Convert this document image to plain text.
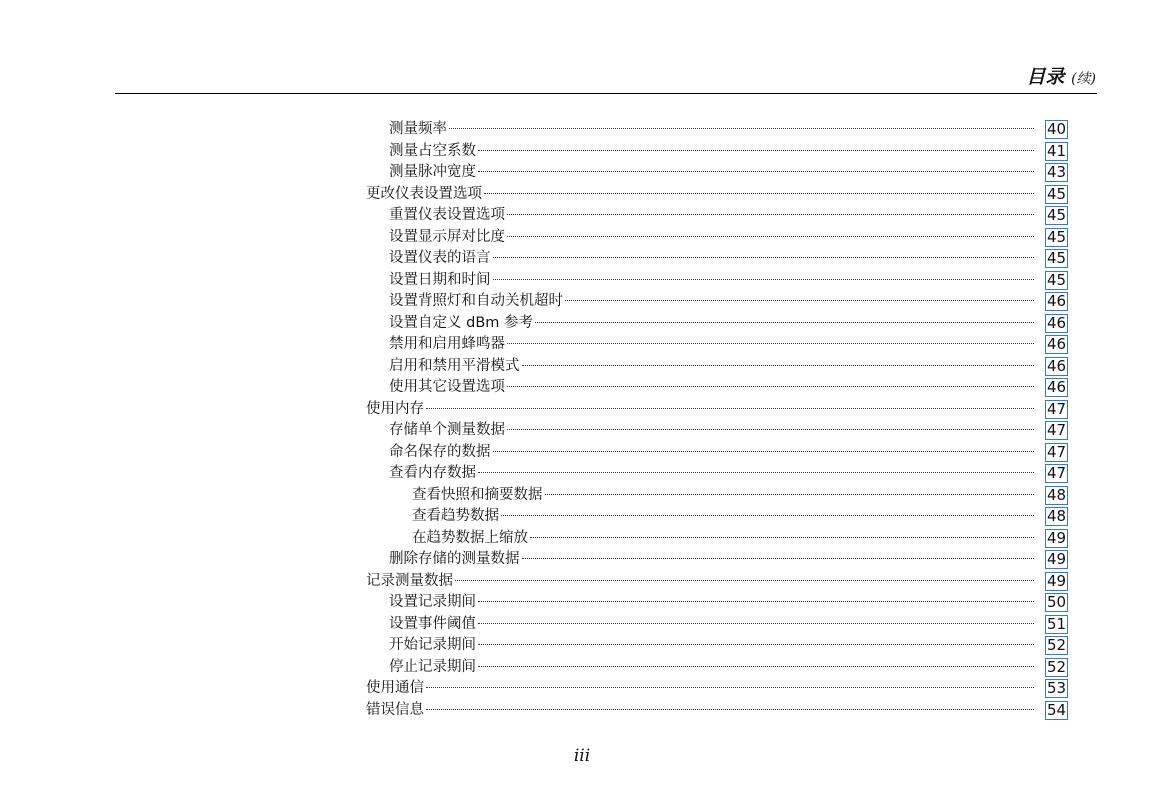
目录 (续)
测量频率	40
测量占空系数	41
测量脉冲宽度	43
更改仪表设置选项	45
重置仪表设置选项	45
设置显示屏对比度	45
设置仪表的语言	45
设置日期和时间	45
设置背照灯和自动关机超时	46
设置自定义 dBm 参考	46
禁用和启用蜂鸣器	46
启用和禁用平滑模式	46
使用其它设置选项	46
使用内存	47
存储单个测量数据	47
命名保存的数据	47
查看内存数据	47
查看快照和摘要数据	48
查看趋势数据	48
在趋势数据上缩放	49
删除存储的测量数据	49
记录测量数据	49
设置记录期间	50
设置事件阈值	51
开始记录期间	52
停止记录期间	52
使用通信	53
错误信息	54
iii
